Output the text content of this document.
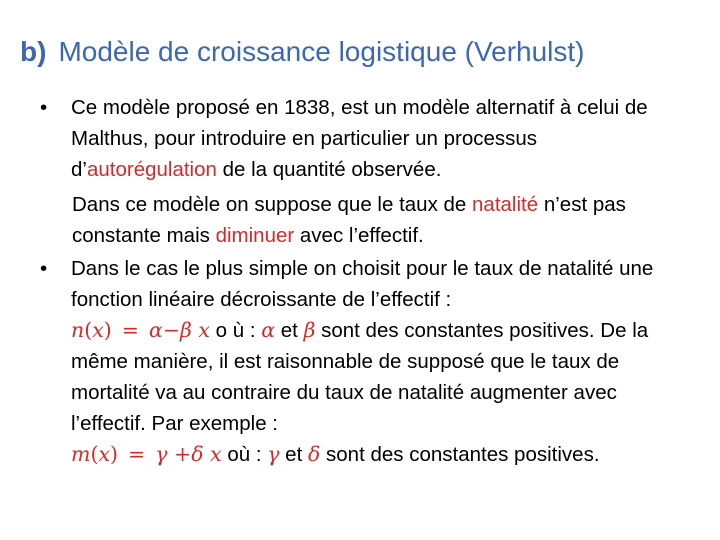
b) Modèle de croissance logistique (Verhulst)
•	Ce modèle proposé en 1838, est un modèle alternatif à celui de Malthus, pour introduire en particulier un processus d’autorégulation de la quantité observée.
Dans ce modèle on suppose que le taux de natalité n’est pas constante mais diminuer avec l’effectif.
•	Dans le cas le plus simple on choisit pour le taux de natalité une fonction linéaire décroissante de l’effectif :
n(x) = α−β x o ù : α et β sont des constantes positives. De la même manière, il est raisonnable de supposé que le taux de mortalité va au contraire du taux de natalité augmenter avec l’effectif. Par exemple :
m(x) = γ +δ x où : γ et δ sont des constantes positives.
